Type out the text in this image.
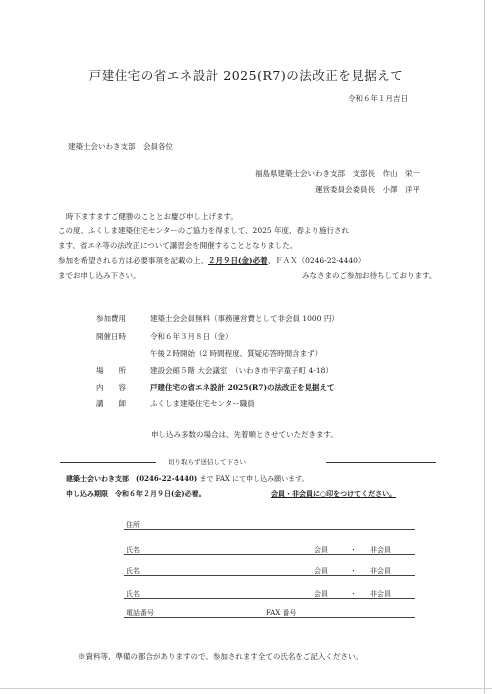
戸建住宅の省エネ設計 2025(R7)の法改正を見据えて
令和６年１月吉日
建築士会いわき支部　会員各位
福島県建築士会いわき支部　支部長　作山　栄一
運営委員会委員長　小澤　洋平

時下ますますご健勝のこととお慶び申し上げます。

この度、ふくしま建築住宅センターのご協力を得まして、2025 年度、春より施行され

ます、省エネ等の法改正について講習会を開催することとなりました。

参加を希望される方は必要事項を記載の上、２月９日(金)必着、ＦＡＸ（0246-22-4440）

までお申し込み下さい。	みなさまのご参加お待ちしております。
参加費用	建築士会会員無料（事務運営費として非会員 1000 円）
開催日時	令和６年３月８日（金）
午後２時開始（2 時間程度、質疑応答時間含まず）
場　　所	建設会館５階 大会議室　（いわき市平字童子町 4-18）
内　　容	戸建住宅の省エネ設計 2025(R7)の法改正を見据えて
講　　師	ふくしま建築住宅センター職員
申し込み多数の場合は、先着順とさせていただきます。
切り取らず送信して下さい
建築士会いわき支部　(0246-22-4440) まで FAX にて申し込み願います。
申し込み期限　令和６年２月９日(金)必着。	会員・非会員に○印をつけてください。
住所
氏名	会員	・ 非会員
氏名	会員	・ 非会員
氏名	会員	・ 非会員
電話番号	FAX 番号
※資料等、準備の都合がありますので、参加されます全ての氏名をご記入ください。
